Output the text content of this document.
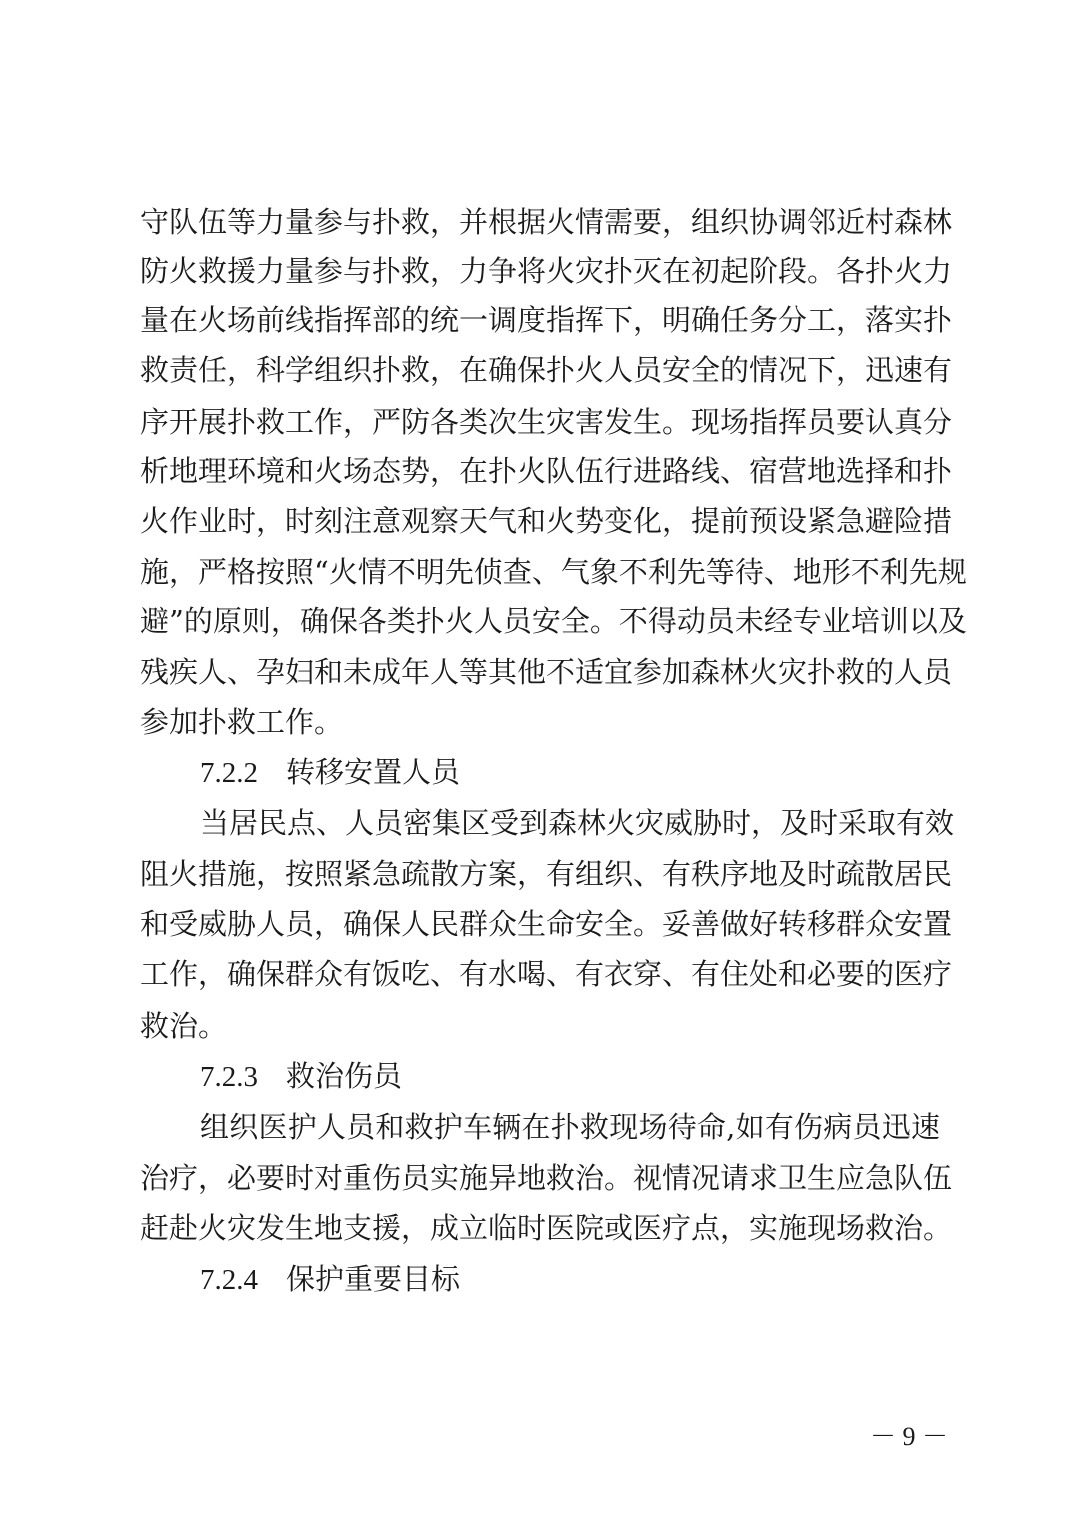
守队伍等力量参与扑救，并根据火情需要，组织协调邻近村森林
防火救援力量参与扑救，力争将火灾扑灭在初起阶段。各扑火力
量在火场前线指挥部的统一调度指挥下，明确任务分工，落实扑
救责任，科学组织扑救，在确保扑火人员安全的情况下，迅速有
序开展扑救工作，严防各类次生灾害发生。现场指挥员要认真分
析地理环境和火场态势，在扑火队伍行进路线、宿营地选择和扑
火作业时，时刻注意观察天气和火势变化，提前预设紧急避险措
施，严格按照“火情不明先侦查、气象不利先等待、地形不利先规
避”的原则，确保各类扑火人员安全。不得动员未经专业培训以及
残疾人、孕妇和未成年人等其他不适宜参加森林火灾扑救的人员
参加扑救工作。
7.2.2 转移安置人员
当居民点、人员密集区受到森林火灾威胁时，及时采取有效
阻火措施，按照紧急疏散方案，有组织、有秩序地及时疏散居民
和受威胁人员，确保人民群众生命安全。妥善做好转移群众安置
工作，确保群众有饭吃、有水喝、有衣穿、有住处和必要的医疗
救治。
7.2.3 救治伤员
组织医护人员和救护车辆在扑救现场待命,如有伤病员迅速
治疗，必要时对重伤员实施异地救治。视情况请求卫生应急队伍
赶赴火灾发生地支援，成立临时医院或医疗点，实施现场救治。
7.2.4 保护重要目标
－ 9 －
